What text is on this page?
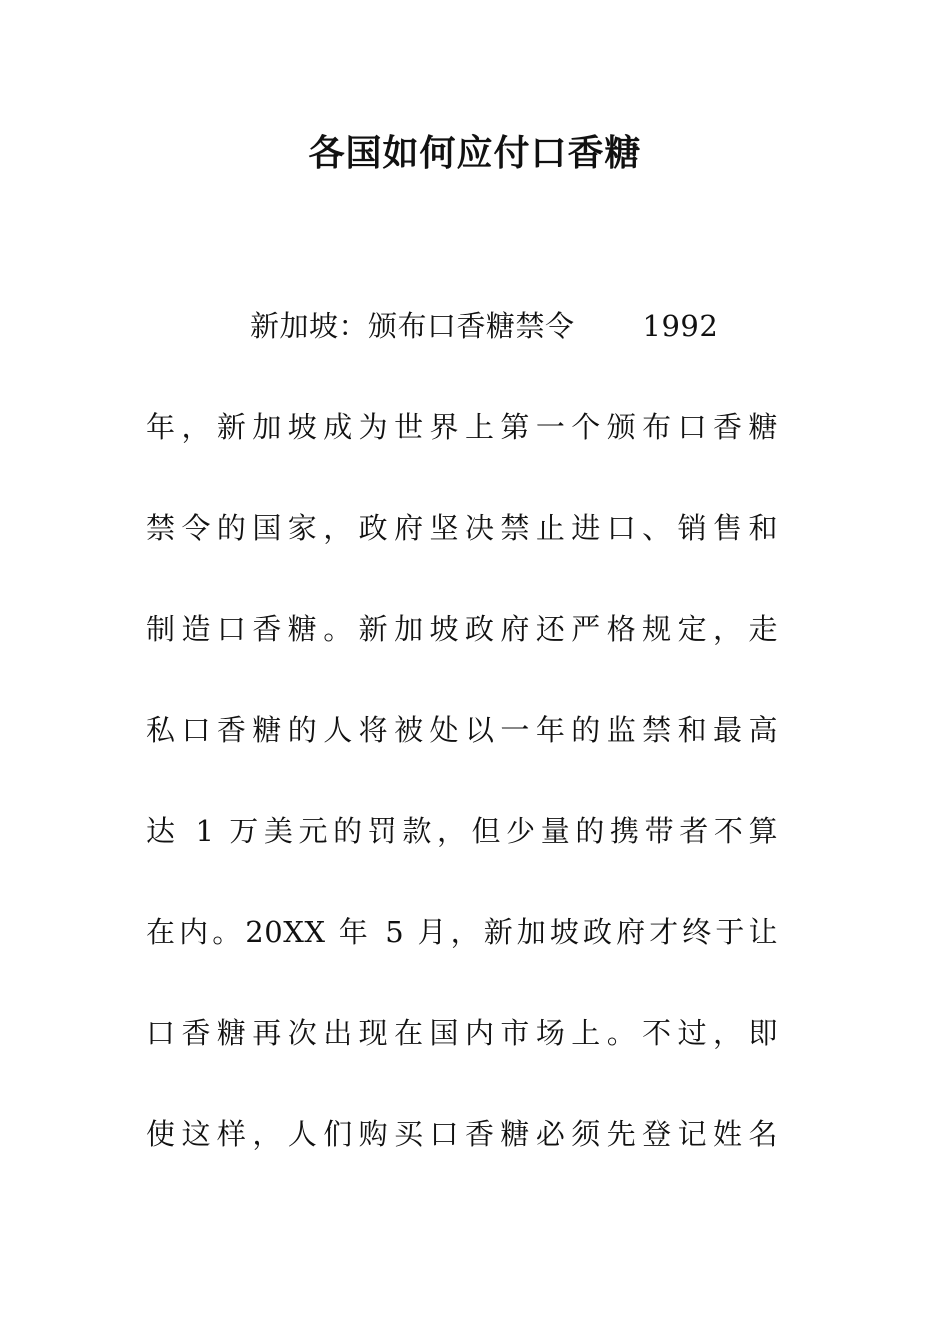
各国如何应付口香糖
新加坡：颁布口香糖禁令 1992
年，新加坡成为世界上第一个颁布口香糖
禁令的国家，政府坚决禁止进口、销售和
制造口香糖。新加坡政府还严格规定，走
私口香糖的人将被处以一年的监禁和最高
达 1 万美元的罚款，但少量的携带者不算
在内。20XX 年 5 月，新加坡政府才终于让
口香糖再次出现在国内市场上。不过，即
使这样，人们购买口香糖必须先登记姓名
